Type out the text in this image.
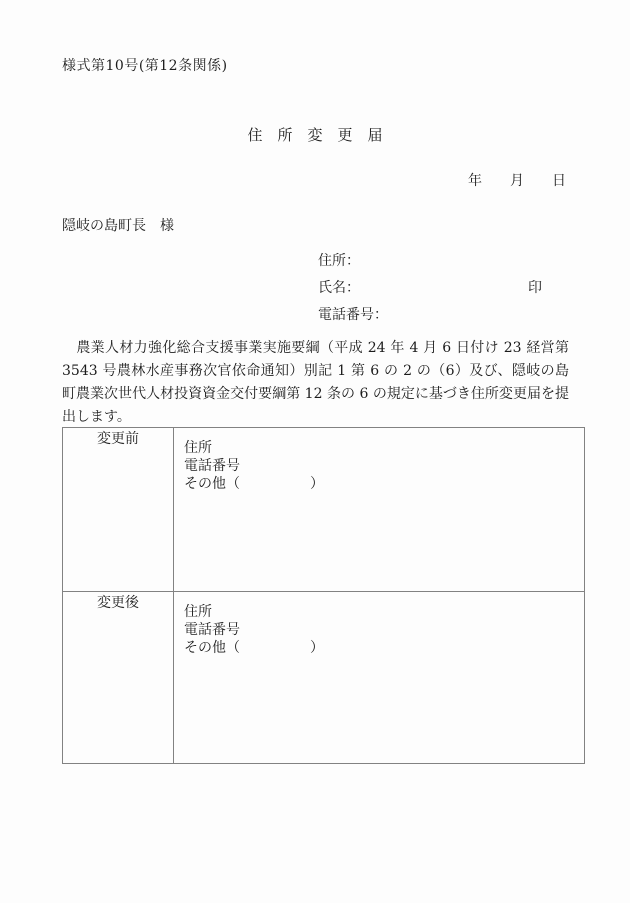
様式第10号(第12条関係)
住　所　変　更　届
年　　月　　日
隠岐の島町長　様
住所：
氏名：	印
電話番号：

　農業人材力強化総合支援事業実施要綱（平成 24 年 4 月 6 日付け 23 経営第 3543 号農林水産事務次官依命通知）別記 1 第 6 の 2 の（6）及び、隠岐の島町農業次世代人材投資資金交付要綱第 12 条の 6 の規定に基づき住所変更届を提出します。

変更前	住所
電話番号
その他（　　　　　）

変更後	住所
電話番号
その他（　　　　　）
